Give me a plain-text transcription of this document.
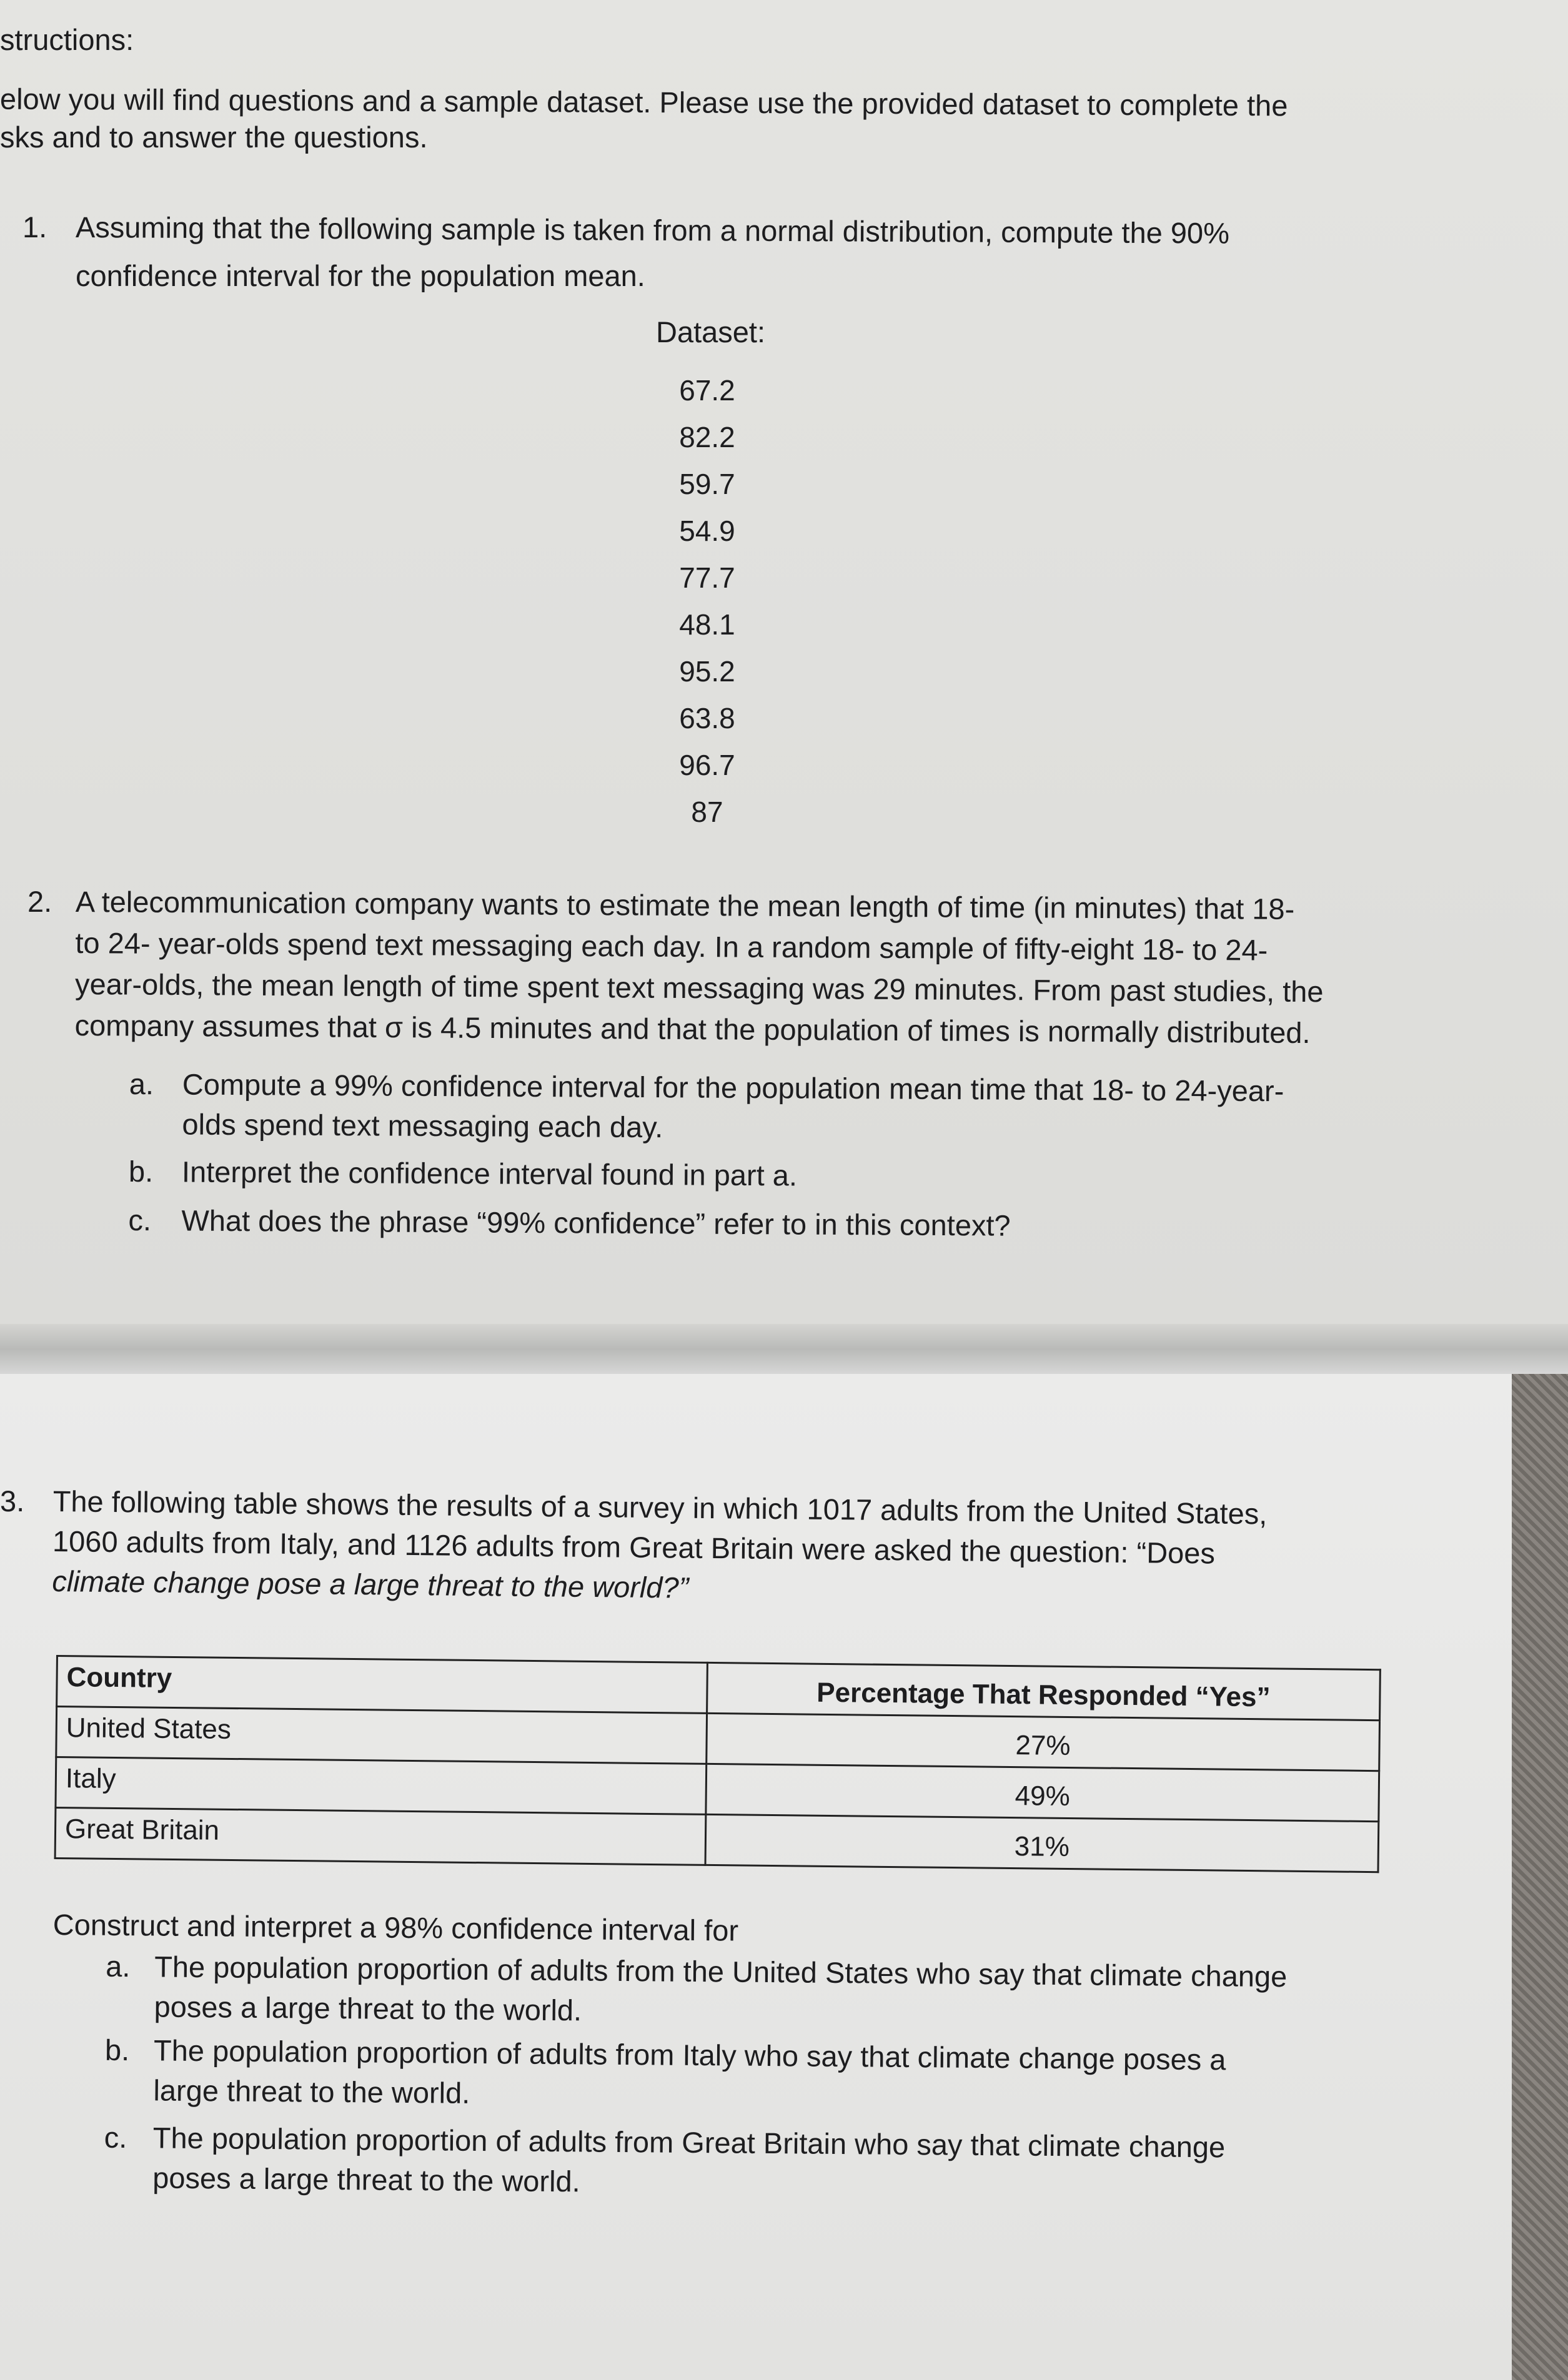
structions:
elow you will find questions and a sample dataset. Please use the provided dataset to complete the
sks and to answer the questions.
1. Assuming that the following sample is taken from a normal distribution, compute the 90%
confidence interval for the population mean.
Dataset:
67.2
82.2
59.7
54.9
77.7
48.1
95.2
63.8
96.7
87
2. A telecommunication company wants to estimate the mean length of time (in minutes) that 18-
to 24- year-olds spend text messaging each day. In a random sample of fifty-eight 18- to 24-
year-olds, the mean length of time spent text messaging was 29 minutes. From past studies, the
company assumes that σ is 4.5 minutes and that the population of times is normally distributed.
a. Compute a 99% confidence interval for the population mean time that 18- to 24-year-
olds spend text messaging each day.
b. Interpret the confidence interval found in part a.
c. What does the phrase “99% confidence” refer to in this context?
3. The following table shows the results of a survey in which 1017 adults from the United States,
1060 adults from Italy, and 1126 adults from Great Britain were asked the question: “Does
climate change pose a large threat to the world?”
Country	Percentage That Responded “Yes”
United States	27%
Italy	49%
Great Britain	31%
Construct and interpret a 98% confidence interval for
a. The population proportion of adults from the United States who say that climate change
poses a large threat to the world.
b. The population proportion of adults from Italy who say that climate change poses a
large threat to the world.
c. The population proportion of adults from Great Britain who say that climate change
poses a large threat to the world.
